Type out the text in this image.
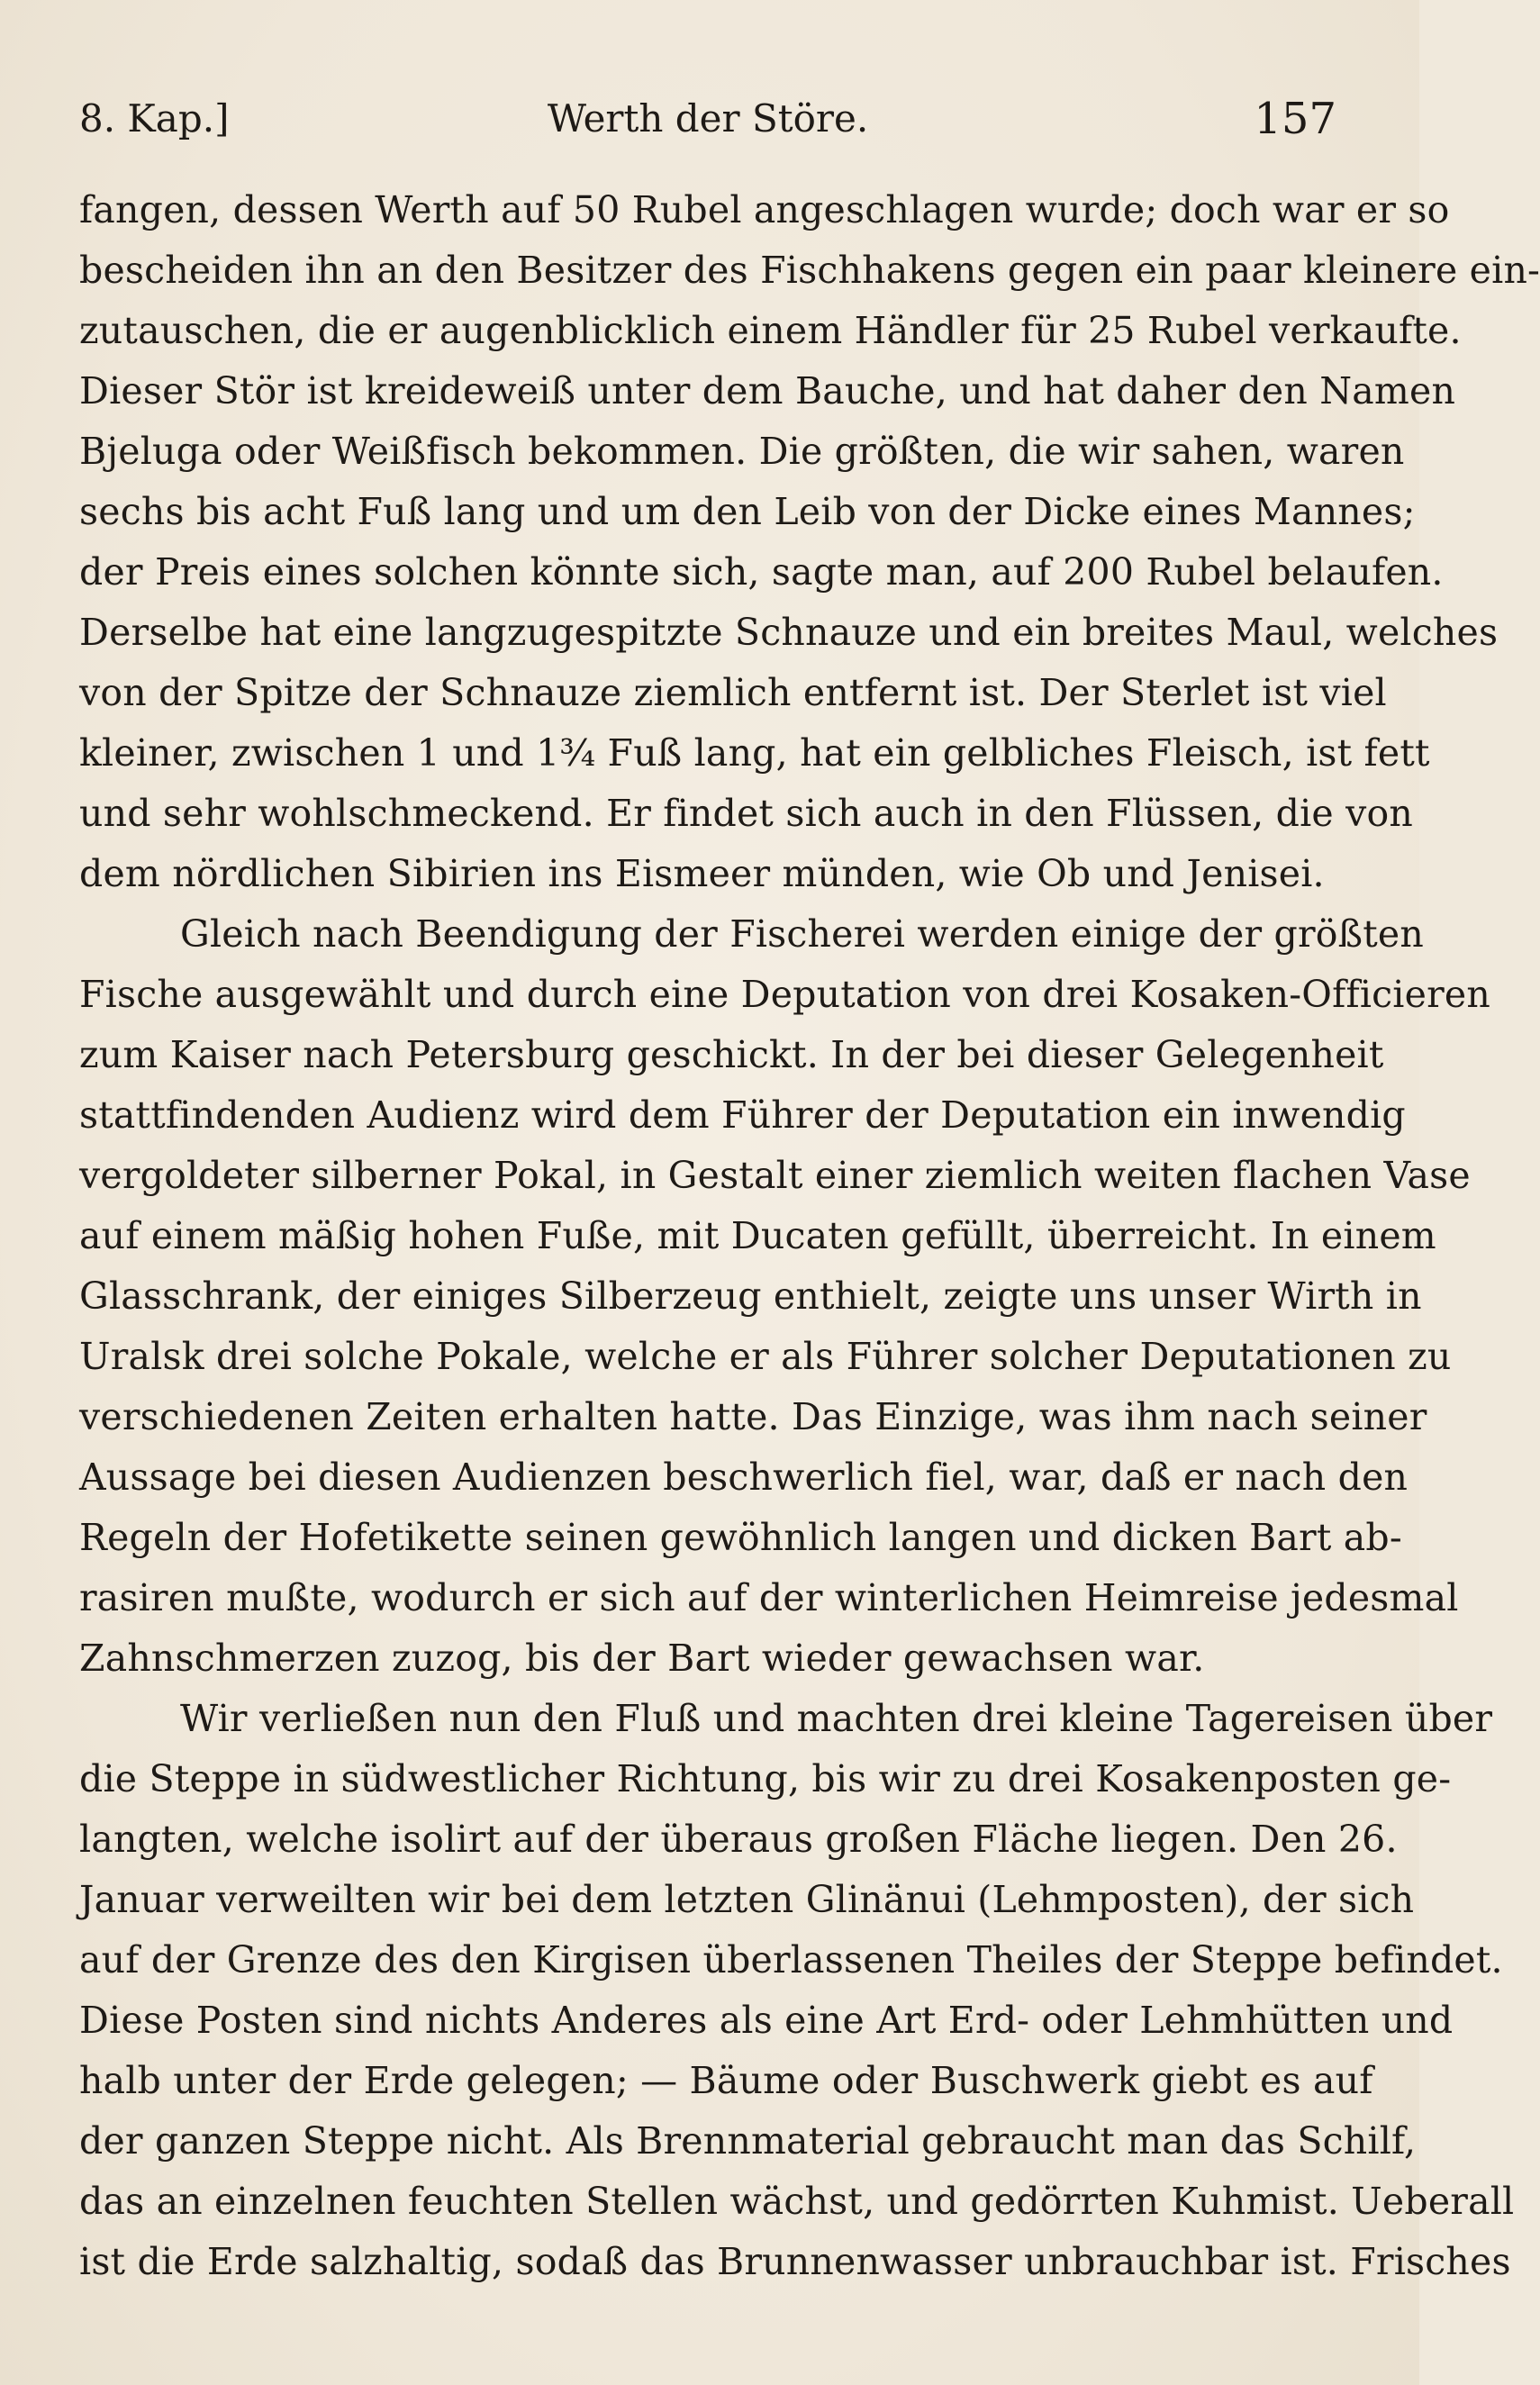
8. Kap.]	Werth der Störe.	157
fangen, dessen Werth auf 50 Rubel angeschlagen wurde; doch war er so
bescheiden ihn an den Besitzer des Fischhakens gegen ein paar kleinere ein-
zutauschen, die er augenblicklich einem Händler für 25 Rubel verkaufte.
Dieser Stör ist kreideweiß unter dem Bauche, und hat daher den Namen
Bjeluga oder Weißfisch bekommen. Die größten, die wir sahen, waren
sechs bis acht Fuß lang und um den Leib von der Dicke eines Mannes;
der Preis eines solchen könnte sich, sagte man, auf 200 Rubel belaufen.
Derselbe hat eine langzugespitzte Schnauze und ein breites Maul, welches
von der Spitze der Schnauze ziemlich entfernt ist. Der Sterlet ist viel
kleiner, zwischen 1 und 1¾ Fuß lang, hat ein gelbliches Fleisch, ist fett
und sehr wohlschmeckend. Er findet sich auch in den Flüssen, die von
dem nördlichen Sibirien ins Eismeer münden, wie Ob und Jenisei.
Gleich nach Beendigung der Fischerei werden einige der größten
Fische ausgewählt und durch eine Deputation von drei Kosaken-Officieren
zum Kaiser nach Petersburg geschickt. In der bei dieser Gelegenheit
stattfindenden Audienz wird dem Führer der Deputation ein inwendig
vergoldeter silberner Pokal, in Gestalt einer ziemlich weiten flachen Vase
auf einem mäßig hohen Fuße, mit Ducaten gefüllt, überreicht. In einem
Glasschrank, der einiges Silberzeug enthielt, zeigte uns unser Wirth in
Uralsk drei solche Pokale, welche er als Führer solcher Deputationen zu
verschiedenen Zeiten erhalten hatte. Das Einzige, was ihm nach seiner
Aussage bei diesen Audienzen beschwerlich fiel, war, daß er nach den
Regeln der Hofetikette seinen gewöhnlich langen und dicken Bart ab-
rasiren mußte, wodurch er sich auf der winterlichen Heimreise jedesmal
Zahnschmerzen zuzog, bis der Bart wieder gewachsen war.
Wir verließen nun den Fluß und machten drei kleine Tagereisen über
die Steppe in südwestlicher Richtung, bis wir zu drei Kosakenposten ge-
langten, welche isolirt auf der überaus großen Fläche liegen. Den 26.
Januar verweilten wir bei dem letzten Glinänui (Lehmposten), der sich
auf der Grenze des den Kirgisen überlassenen Theiles der Steppe befindet.
Diese Posten sind nichts Anderes als eine Art Erd- oder Lehmhütten und
halb unter der Erde gelegen; — Bäume oder Buschwerk giebt es auf
der ganzen Steppe nicht. Als Brennmaterial gebraucht man das Schilf,
das an einzelnen feuchten Stellen wächst, und gedörrten Kuhmist. Ueberall
ist die Erde salzhaltig, sodaß das Brunnenwasser unbrauchbar ist. Frisches
